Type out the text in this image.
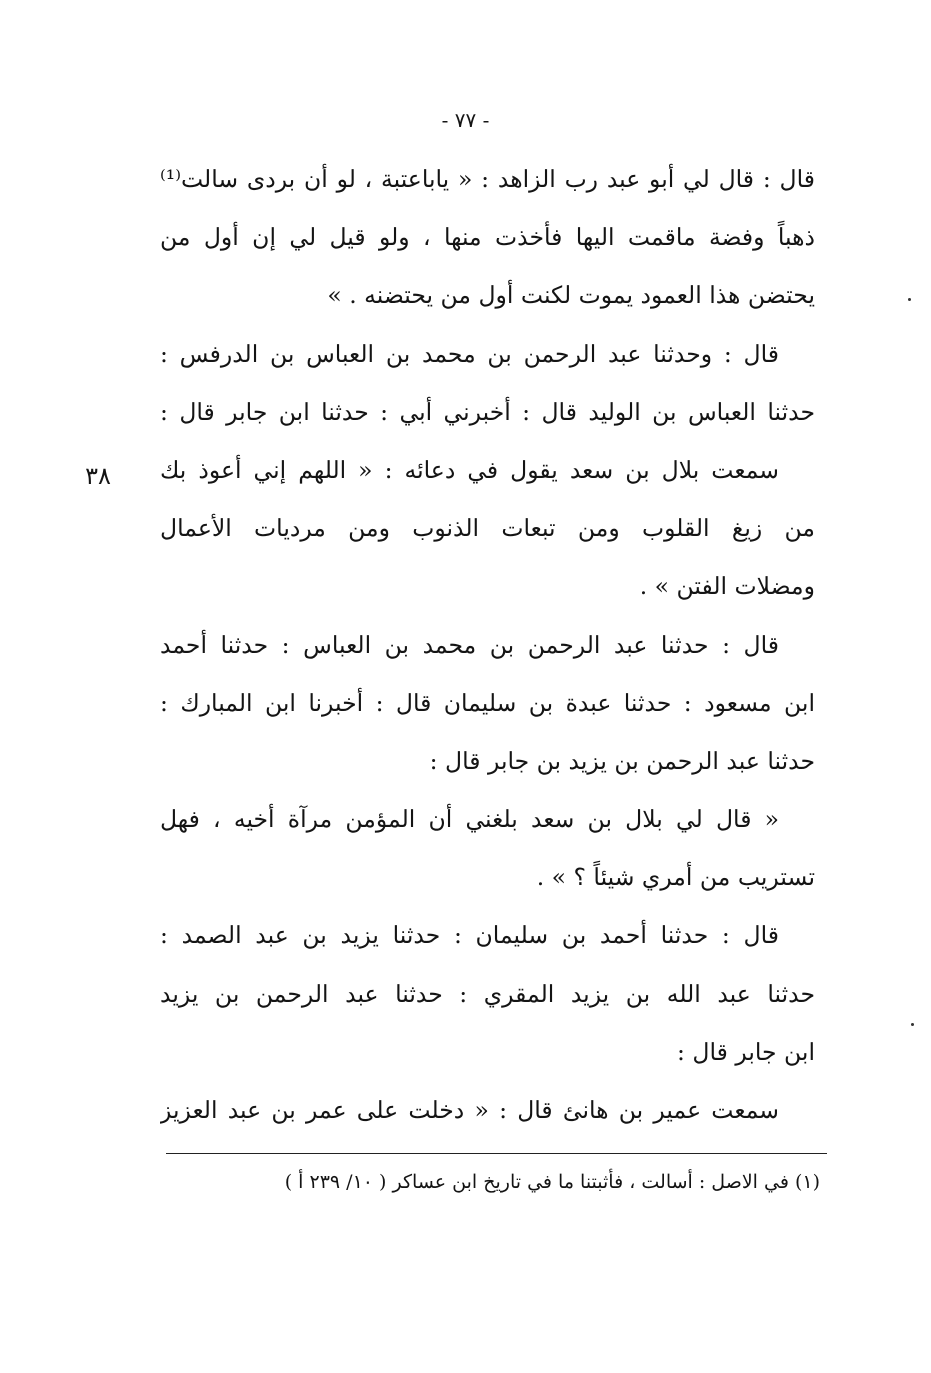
- ٧٧ -
٣٨
قال : قال لي أبو عبد رب الزاهد : « ياباعتبة ، لو أن بردى سالت⁽¹⁾
ذهباً وفضة ماقمت اليها فأخذت منها ، ولو قيل لي إن أول من
يحتضن هذا العمود يموت لكنت أول من يحتضنه . »
قال : وحدثنا عبد الرحمن بن محمد بن العباس بن الدرفس :
حدثنا العباس بن الوليد قال : أخبرني أبي : حدثنا ابن جابر قال :
سمعت بلال بن سعد يقول في دعائه : « اللهم إني أعوذ بك
من زيغ القلوب ومن تبعات الذنوب ومن مرديات الأعمال
ومضلات الفتن » .
قال : حدثنا عبد الرحمن بن محمد بن العباس : حدثنا أحمد
ابن مسعود : حدثنا عبدة بن سليمان قال : أخبرنا ابن المبارك :
حدثنا عبد الرحمن بن يزيد بن جابر قال :
« قال لي بلال بن سعد بلغني أن المؤمن مرآة أخيه ، فهل
تستريب من أمري شيئاً ؟ » .
قال : حدثنا أحمد بن سليمان : حدثنا يزيد بن عبد الصمد :
حدثنا عبد الله بن يزيد المقري : حدثنا عبد الرحمن بن يزيد
ابن جابر قال :
سمعت عمير بن هانئ قال : « دخلت على عمر بن عبد العزيز
(١) في الاصل : أسالت ، فأثبتنا ما في تاريخ ابن عساكر ( ١٠/ ٢٣٩ أ )
